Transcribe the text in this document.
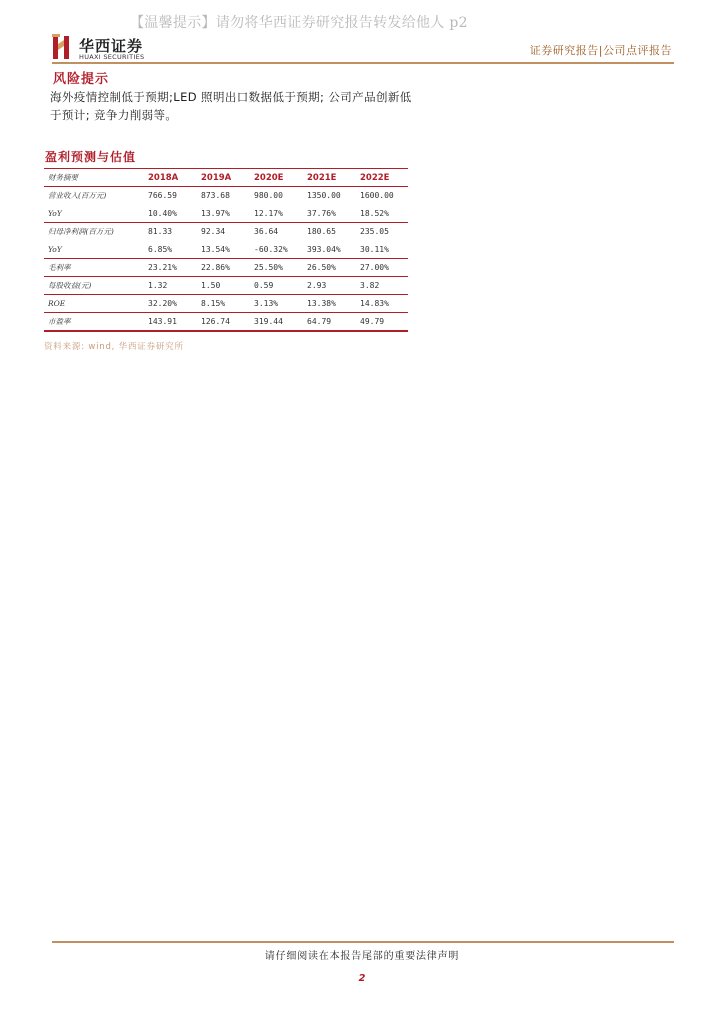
【温馨提示】请勿将华西证券研究报告转发给他人 p2
华西证券
HUAXI SECURITIES	证券研究报告|公司点评报告
风险提示
海外疫情控制低于预期;LED 照明出口数据低于预期; 公司产品创新低于预计; 竞争力削弱等。
盈利预测与估值
财务摘要	2018A	2019A	2020E	2021E	2022E
营业收入(百万元)	766.59	873.68	980.00	1350.00	1600.00
YoY	10.40%	13.97%	12.17%	37.76%	18.52%
归母净利润(百万元)	81.33	92.34	36.64	180.65	235.05
YoY	6.85%	13.54%	-60.32%	393.04%	30.11%
毛利率	23.21%	22.86%	25.50%	26.50%	27.00%
每股收益(元)	1.32	1.50	0.59	2.93	3.82
ROE	32.20%	8.15%	3.13%	13.38%	14.83%
市盈率	143.91	126.74	319.44	64.79	49.79
资料来源: wind, 华西证券研究所
请仔细阅读在本报告尾部的重要法律声明
2
